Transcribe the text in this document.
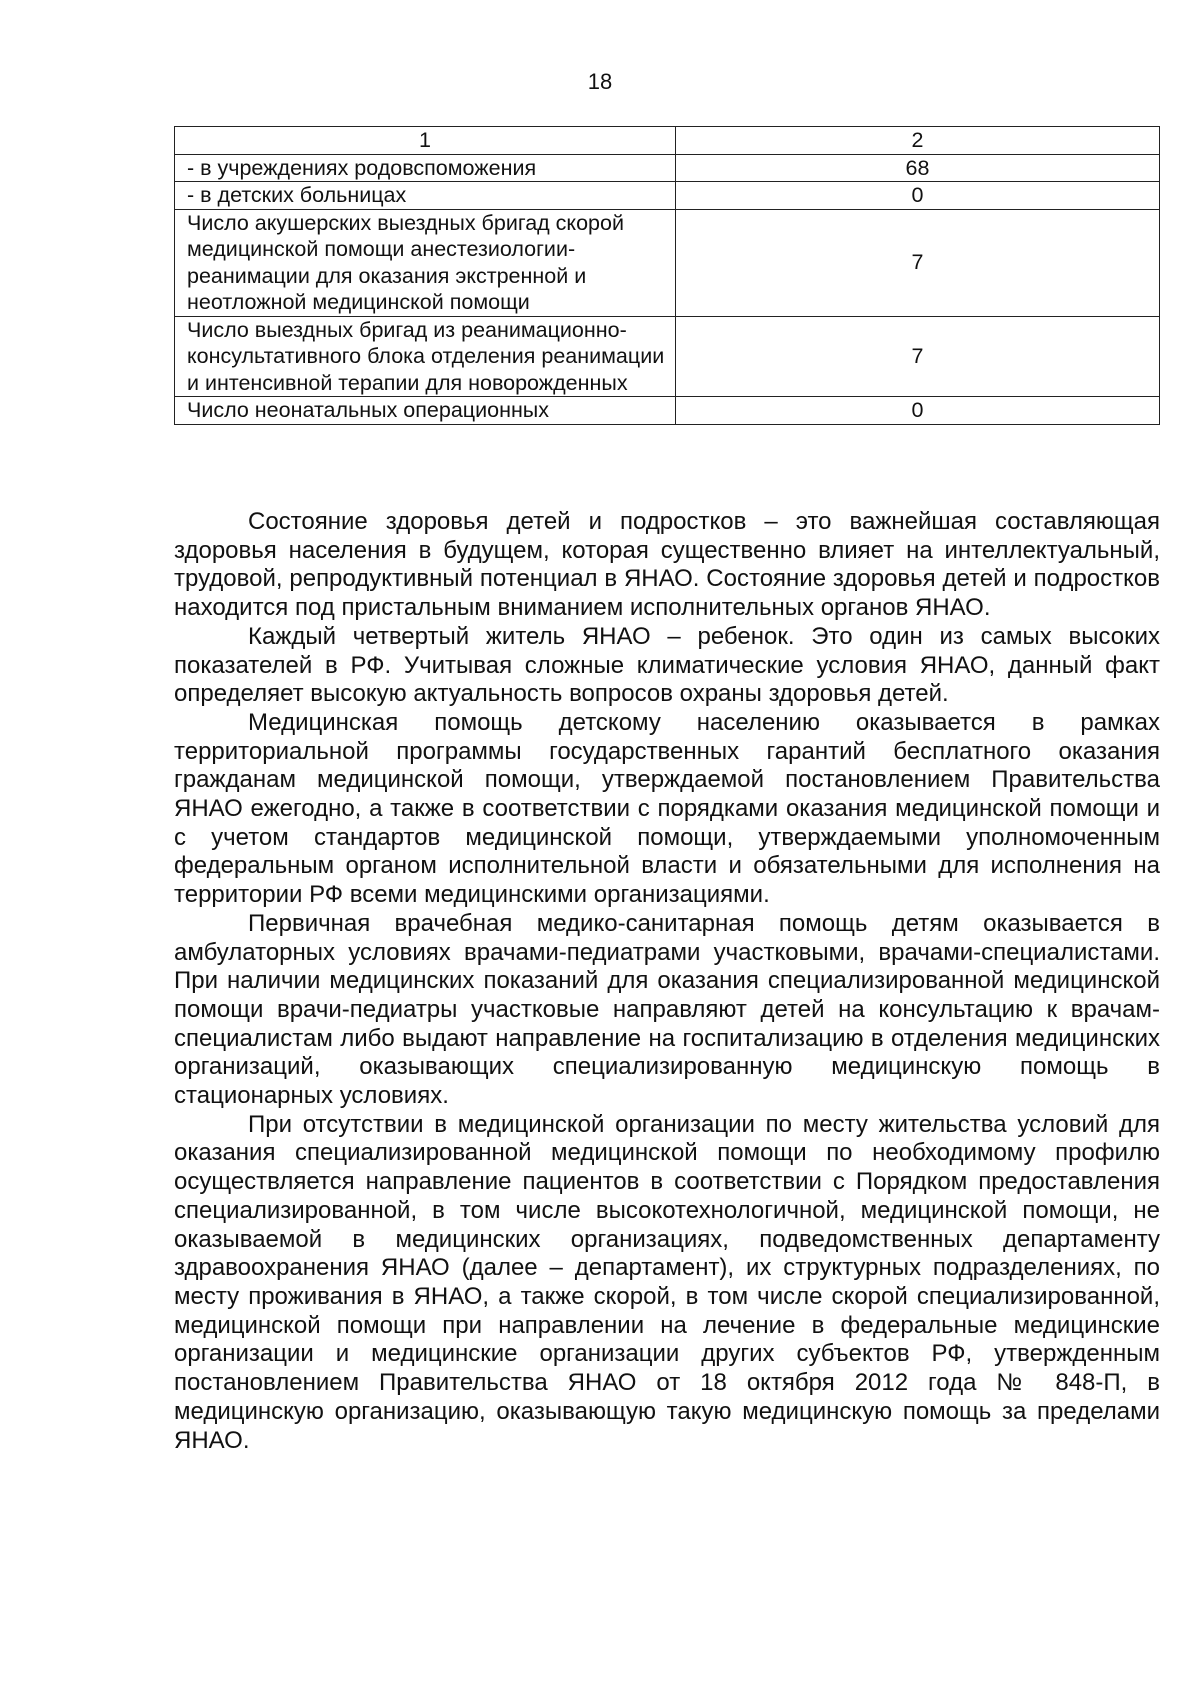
18
1	2
- в учреждениях родовспоможения	68
- в детских больницах	0
Число акушерских выездных бригад скорой медицинской помощи анестезиологии-реанимации для оказания экстренной и неотложной медицинской помощи	7
Число выездных бригад из реанимационно-консультативного блока отделения реанимации и интенсивной терапии для новорожденных	7
Число неонатальных операционных	0

Состояние здоровья детей и подростков – это важнейшая составляющая здоровья населения в будущем, которая существенно влияет на интеллектуальный, трудовой, репродуктивный потенциал в ЯНАО. Состояние здоровья детей и подростков находится под пристальным вниманием исполнительных органов ЯНАО.

Каждый четвертый житель ЯНАО – ребенок. Это один из самых высоких показателей в РФ. Учитывая сложные климатические условия ЯНАО, данный факт определяет высокую актуальность вопросов охраны здоровья детей.

Медицинская помощь детскому населению оказывается в рамках территориальной программы государственных гарантий бесплатного оказания гражданам медицинской помощи, утверждаемой постановлением Правительства ЯНАО ежегодно, а также в соответствии с порядками оказания медицинской помощи и с учетом стандартов медицинской помощи, утверждаемыми уполномоченным федеральным органом исполнительной власти и обязательными для исполнения на территории РФ всеми медицинскими организациями.

Первичная врачебная медико-санитарная помощь детям оказывается в амбулаторных условиях врачами-педиатрами участковыми, врачами-специалистами. При наличии медицинских показаний для оказания специализированной медицинской помощи врачи-педиатры участковые направляют детей на консультацию к врачам-специалистам либо выдают направление на госпитализацию в отделения медицинских организаций, оказывающих специализированную медицинскую помощь в стационарных условиях.

При отсутствии в медицинской организации по месту жительства условий для оказания специализированной медицинской помощи по необходимому профилю осуществляется направление пациентов в соответствии с Порядком предоставления специализированной, в том числе высокотехнологичной, медицинской помощи, не оказываемой в медицинских организациях, подведомственных департаменту здравоохранения ЯНАО (далее – департамент), их структурных подразделениях, по месту проживания в ЯНАО, а также скорой, в том числе скорой специализированной, медицинской помощи при направлении на лечение в федеральные медицинские организации и медицинские организации других субъектов РФ, утвержденным постановлением Правительства ЯНАО от 18 октября 2012 года № 848-П, в медицинскую организацию, оказывающую такую медицинскую помощь за пределами ЯНАО.
